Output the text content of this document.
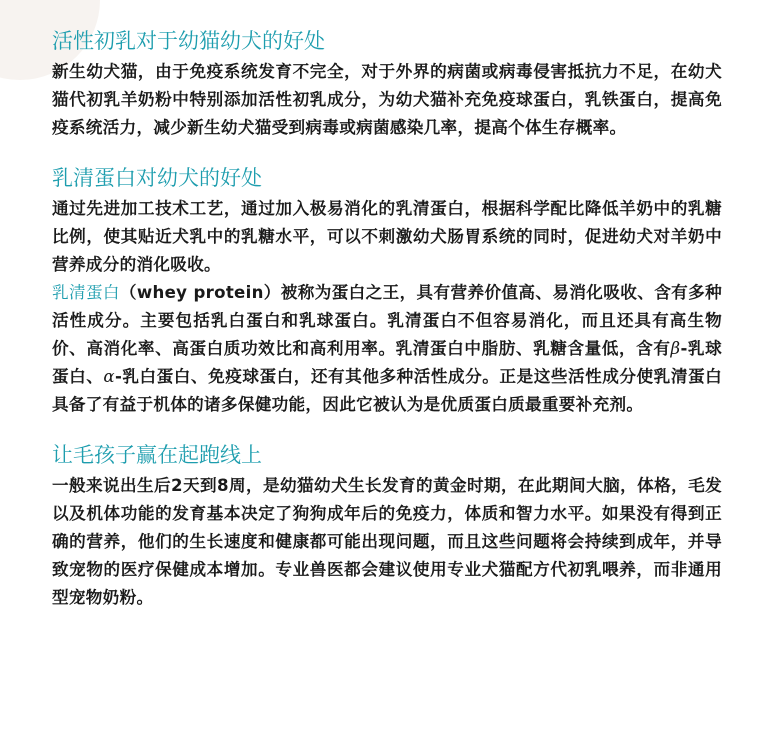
活性初乳对于幼猫幼犬的好处

新生幼犬猫，由于免疫系统发育不完全，对于外界的病菌或病毒侵害抵抗力不足，在幼犬猫代初乳羊奶粉中特别添加活性初乳成分，为幼犬猫补充免疫球蛋白，乳铁蛋白，提高免疫系统活力，减少新生幼犬猫受到病毒或病菌感染几率，提高个体生存概率。

乳清蛋白对幼犬的好处

通过先进加工技术工艺，通过加入极易消化的乳清蛋白，根据科学配比降低羊奶中的乳糖比例，使其贴近犬乳中的乳糖水平，可以不刺激幼犬肠胃系统的同时，促进幼犬对羊奶中营养成分的消化吸收。

乳清蛋白（whey protein）被称为蛋白之王，具有营养价值高、易消化吸收、含有多种活性成分。主要包括乳白蛋白和乳球蛋白。乳清蛋白不但容易消化，而且还具有高生物价、高消化率、高蛋白质功效比和高利用率。乳清蛋白中脂肪、乳糖含量低，含有β-乳球蛋白、α-乳白蛋白、免疫球蛋白，还有其他多种活性成分。正是这些活性成分使乳清蛋白具备了有益于机体的诸多保健功能，因此它被认为是优质蛋白质最重要补充剂。

让毛孩子赢在起跑线上

一般来说出生后2天到8周，是幼猫幼犬生长发育的黄金时期，在此期间大脑，体格，毛发以及机体功能的发育基本决定了狗狗成年后的免疫力，体质和智力水平。如果没有得到正确的营养，他们的生长速度和健康都可能出现问题，而且这些问题将会持续到成年，并导致宠物的医疗保健成本增加。专业兽医都会建议使用专业犬猫配方代初乳喂养，而非通用型宠物奶粉。
